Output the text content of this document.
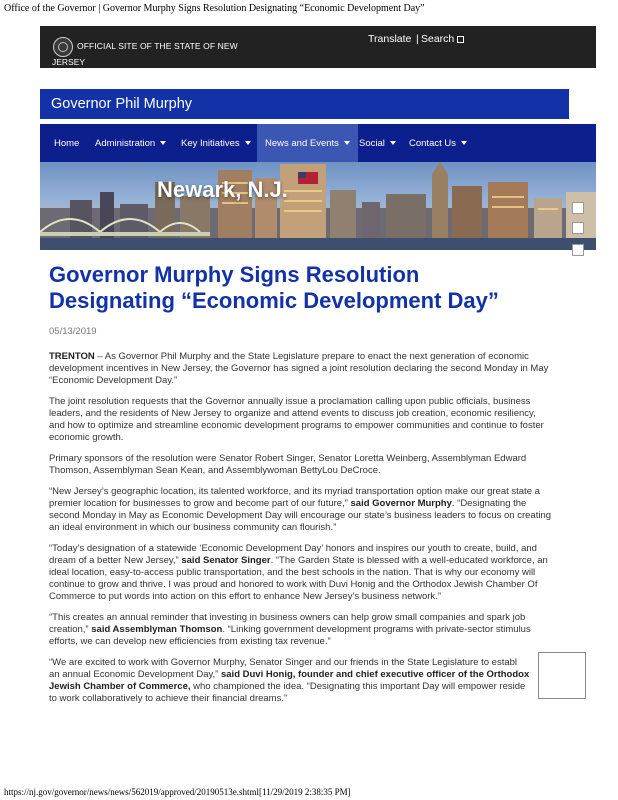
Office of the Governor | Governor Murphy Signs Resolution Designating “Economic Development Day”
OFFICIAL SITE OF THE STATE OF NEW
JERSEY
Translate | Search
Governor Phil Murphy
Home Administration	Key Initiatives	News and Events Social	Contact Us
Newark, N.J.
Governor Murphy Signs Resolution Designating “Economic Development Day”
05/13/2019

TRENTON – As Governor Phil Murphy and the State Legislature prepare to enact the next generation of economic development incentives in New Jersey, the Governor has signed a joint resolution declaring the second Monday in May “Economic Development Day.”

The joint resolution requests that the Governor annually issue a proclamation calling upon public officials, business leaders, and the residents of New Jersey to organize and attend events to discuss job creation, economic resiliency, and how to optimize and streamline economic development programs to empower communities and continue to foster economic growth.

Primary sponsors of the resolution were Senator Robert Singer, Senator Loretta Weinberg, Assemblyman Edward Thomson, Assemblyman Sean Kean, and Assemblywoman BettyLou DeCroce.

“New Jersey’s geographic location, its talented workforce, and its myriad transportation option make our great state a premier location for businesses to grow and become part of our future,” said Governor Murphy. “Designating the second Monday in May as Economic Development Day will encourage our state’s business leaders to focus on creating an ideal environment in which our business community can flourish.”

“Today’s designation of a statewide ‘Economic Development Day’ honors and inspires our youth to create, build, and dream of a better New Jersey,” said Senator Singer. “The Garden State is blessed with a well-educated workforce, an ideal location, easy-to-access public transportation, and the best schools in the nation. That is why our economy will continue to grow and thrive. I was proud and honored to work with Duvi Honig and the Orthodox Jewish Chamber Of Commerce to put words into action on this effort to enhance New Jersey’s business network.”

“This creates an annual reminder that investing in business owners can help grow small companies and spark job creation,” said Assemblyman Thomson. “Linking government development programs with private-sector stimulus efforts, we can develop new efficiencies from existing tax revenue.”

“We are excited to work with Governor Murphy, Senator Singer and our friends in the State Legislature to establ
an annual Economic Development Day,” said Duvi Honig, founder and chief executive officer of the Orthodox Jewish Chamber of Commerce, who championed the idea. “Designating this important Day will empower reside
to work collaboratively to achieve their financial dreams.”

https://nj.gov/governor/news/news/562019/approved/20190513e.shtml[11/29/2019 2:38:35 PM]
